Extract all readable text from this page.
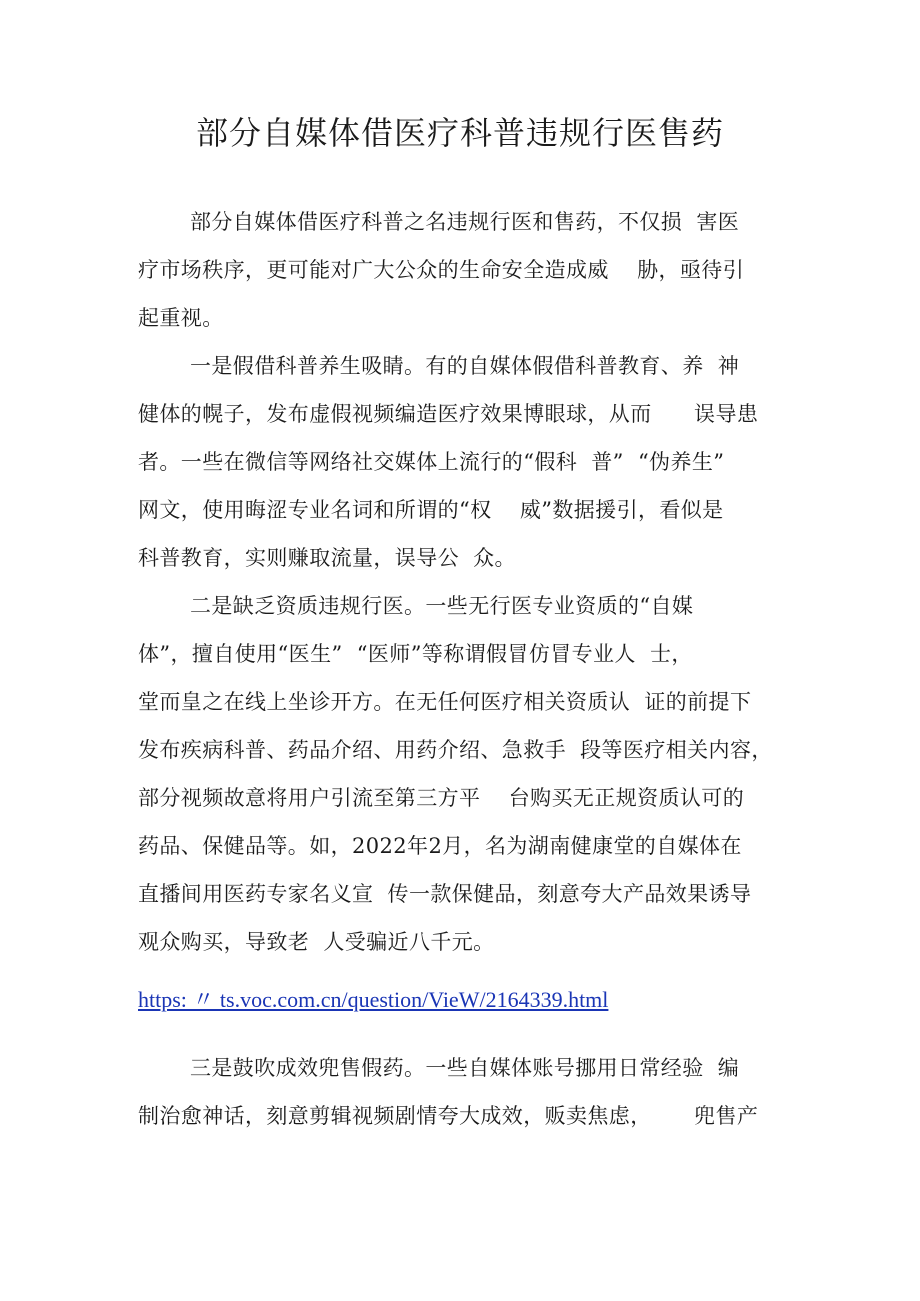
部分自媒体借医疗科普违规行医售药
部分自媒体借医疗科普之名违规行医和售药，不仅损  害医
疗市场秩序，更可能对广大公众的生命安全造成威    胁，亟待引
起重视。
一是假借科普养生吸睛。有的自媒体假借科普教育、养  神
健体的幌子，发布虚假视频编造医疗效果博眼球，从而      误导患
者。一些在微信等网络社交媒体上流行的“假科  普”  “伪养生”
网文，使用晦涩专业名词和所谓的“权    威”数据援引，看似是
科普教育，实则赚取流量，误导公  众。
二是缺乏资质违规行医。一些无行医专业资质的“自媒
体”，擅自使用“医生”  “医师”等称谓假冒仿冒专业人  士，
堂而皇之在线上坐诊开方。在无任何医疗相关资质认  证的前提下
发布疾病科普、药品介绍、用药介绍、急救手  段等医疗相关内容，
部分视频故意将用户引流至第三方平    台购买无正规资质认可的
药品、保健品等。如，2022年2月，名为湖南健康堂的自媒体在
直播间用医药专家名义宣  传一款保健品，刻意夸大产品效果诱导
观众购买，导致老  人受骗近八千元。
https: 〃 ts.voc.com.cn/question/VieW/2164339.html
三是鼓吹成效兜售假药。一些自媒体账号挪用日常经验  编
制治愈神话，刻意剪辑视频剧情夸大成效，贩卖焦虑，      兜售产
